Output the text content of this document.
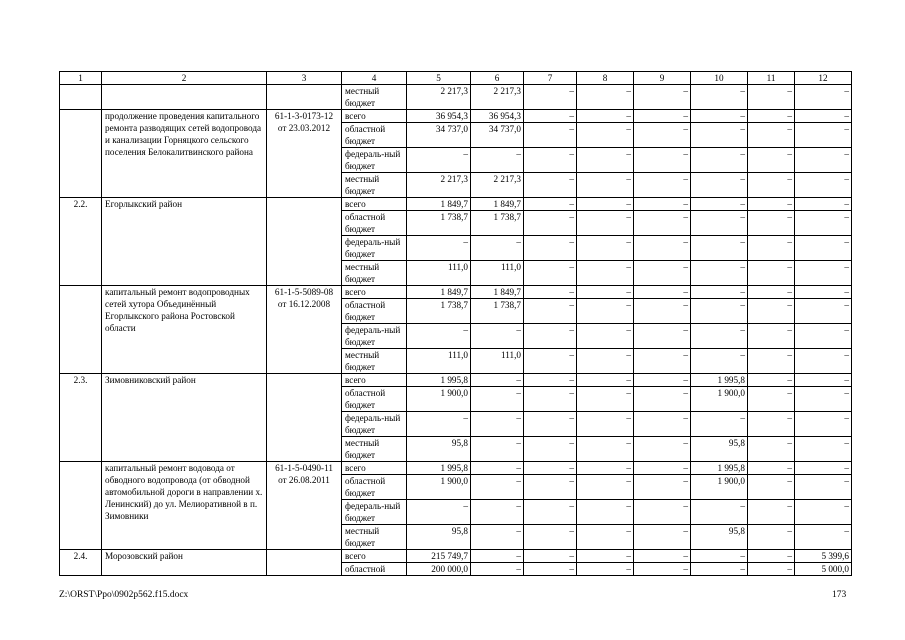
1	2	3	4	5	6	7	8	9	10	11	12
			местный бюджет	2 217,3	2 217,3	–	–	–	–	–	–
	продолжение проведения капитального ремонта разводящих сетей водопровода и канализации Горняцкого сельского поселения Белокалитвинского района	61-1-3-0173-12 от 23.03.2012	всего	36 954,3	36 954,3	–	–	–	–	–	–
			областной бюджет	34 737,0	34 737,0	–	–	–	–	–	–
			федераль-ный бюджет	–	–	–	–	–	–	–	–
			местный бюджет	2 217,3	2 217,3	–	–	–	–	–	–
2.2.	Егорлыкский район		всего	1 849,7	1 849,7	–	–	–	–	–	–
			областной бюджет	1 738,7	1 738,7	–	–	–	–	–	–
			федераль-ный бюджет	–	–	–	–	–	–	–	–
			местный бюджет	111,0	111,0	–	–	–	–	–	–
	капитальный ремонт водопроводных сетей хутора Объединённый Егорлыкского района Ростовской области	61-1-5-5089-08 от 16.12.2008	всего	1 849,7	1 849,7	–	–	–	–	–	–
			областной бюджет	1 738,7	1 738,7	–	–	–	–	–	–
			федераль-ный бюджет	–	–	–	–	–	–	–	–
			местный бюджет	111,0	111,0	–	–	–	–	–	–
2.3.	Зимовниковский район		всего	1 995,8	–	–	–	–	1 995,8	–	–
			областной бюджет	1 900,0	–	–	–	–	1 900,0	–	–
			федераль-ный бюджет	–	–	–	–	–	–	–	–
			местный бюджет	95,8	–	–	–	–	95,8	–	–
	капитальный ремонт водовода от обводного водопровода (от обводной автомобильной дороги в направлении х. Ленинский) до ул. Мелиоративной в п. Зимовники	61-1-5-0490-11 от 26.08.2011	всего	1 995,8	–	–	–	–	1 995,8	–	–
			областной бюджет	1 900,0	–	–	–	–	1 900,0	–	–
			федераль-ный бюджет	–	–	–	–	–	–	–	–
			местный бюджет	95,8	–	–	–	–	95,8	–	–
2.4.	Морозовский район		всего	215 749,7	–	–	–	–	–	–	5 399,6
			областной	200 000,0	–	–	–	–	–	–	5 000,0
Z:\ORST\Ppo\0902p562.f15.docx	173
